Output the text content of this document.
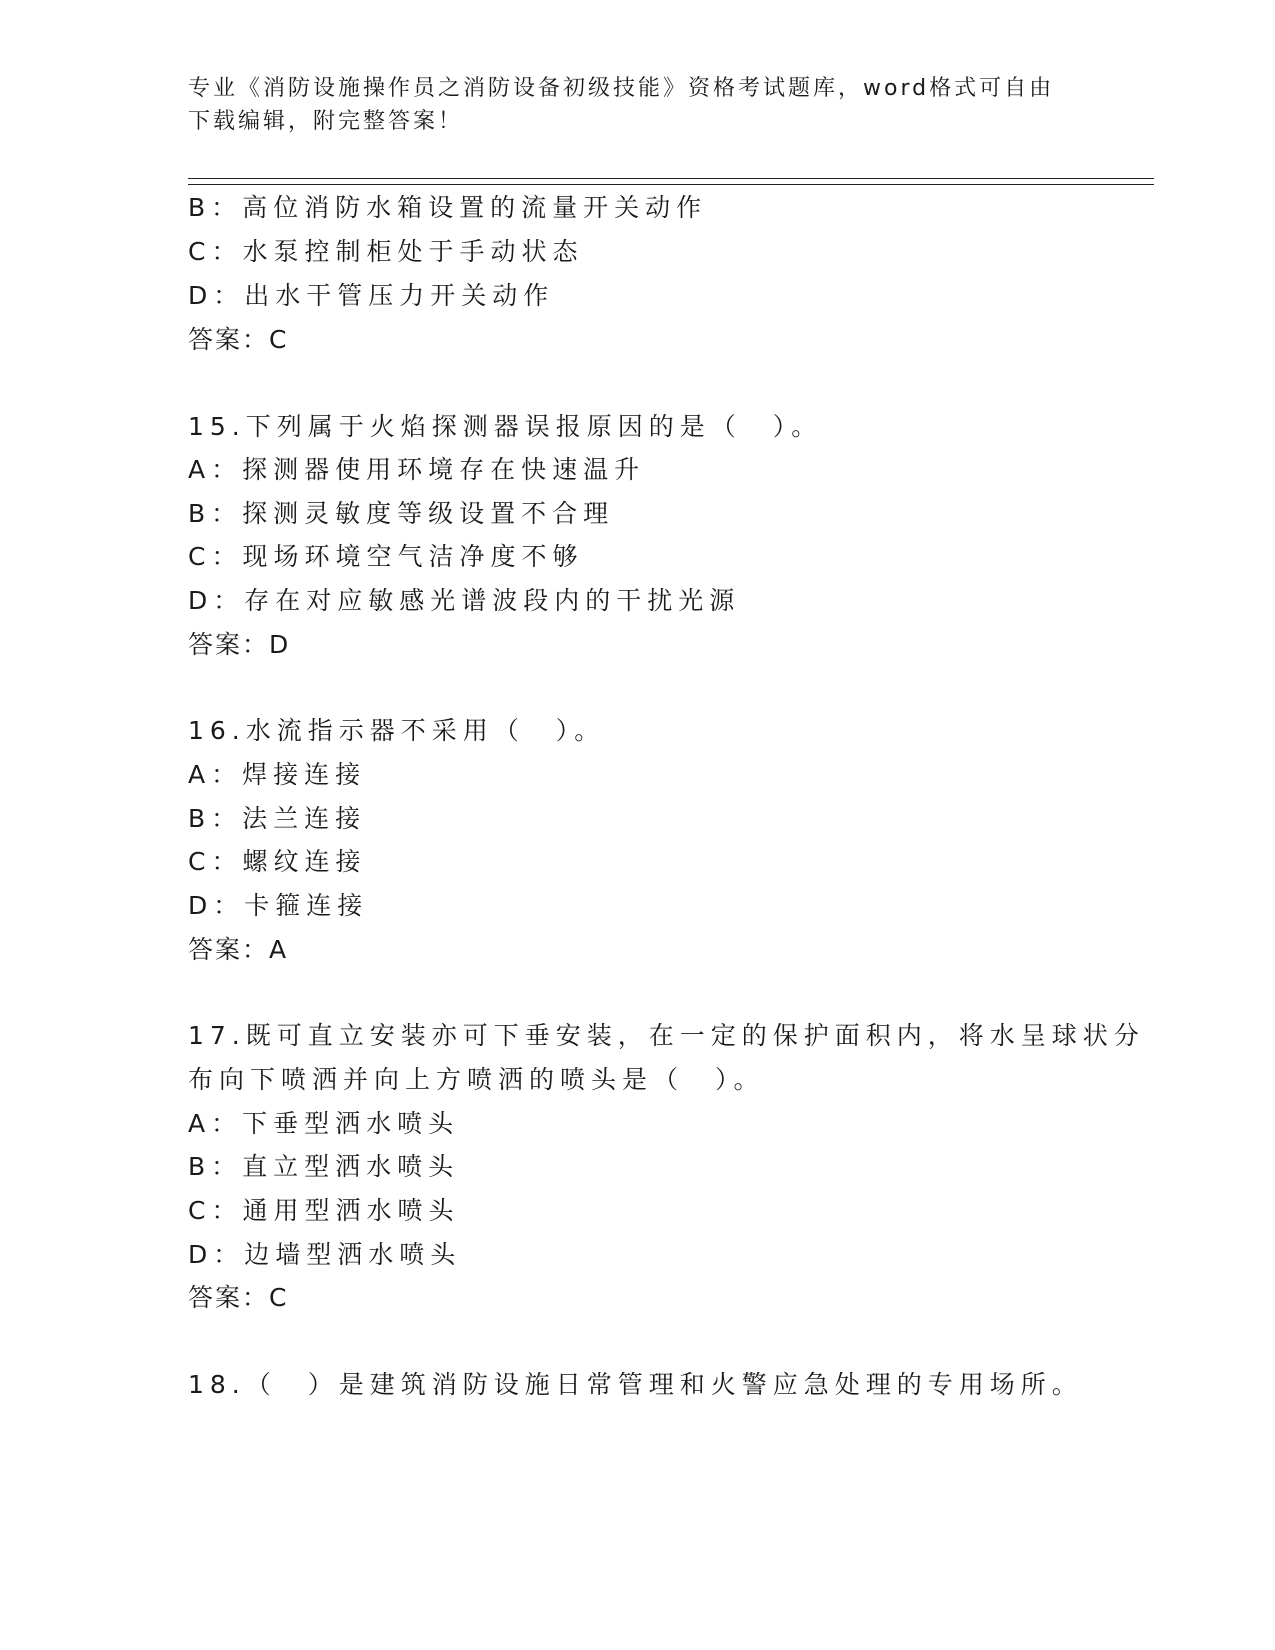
专业《消防设施操作员之消防设备初级技能》资格考试题库，word格式可自由下载编辑，附完整答案！
B：高位消防水箱设置的流量开关动作
C：水泵控制柜处于手动状态
D：出水干管压力开关动作
答案：C
15.下列属于火焰探测器误报原因的是（　）。
A：探测器使用环境存在快速温升
B：探测灵敏度等级设置不合理
C：现场环境空气洁净度不够
D：存在对应敏感光谱波段内的干扰光源
答案：D
16.水流指示器不采用（　）。
A：焊接连接
B：法兰连接
C：螺纹连接
D：卡箍连接
答案：A
17.既可直立安装亦可下垂安装，在一定的保护面积内，将水呈球状分
布向下喷洒并向上方喷洒的喷头是（　）。
A：下垂型洒水喷头
B：直立型洒水喷头
C：通用型洒水喷头
D：边墙型洒水喷头
答案：C
18.（　）是建筑消防设施日常管理和火警应急处理的专用场所。
